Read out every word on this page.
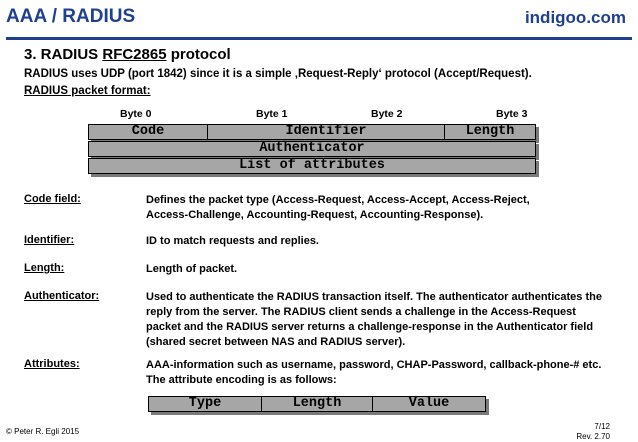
AAA / RADIUS	indigoo.com
3. RADIUS RFC2865 protocol
RADIUS uses UDP (port 1842) since it is a simple ‚Request-Reply‘ protocol (Accept/Request).
RADIUS packet format:
Byte 0	Byte 1	Byte 2	Byte 3
Code	Identifier	Length
Authenticator
List of attributes
Code field:	Defines the packet type (Access-Request, Access-Accept, Access-Reject,
Access-Challenge, Accounting-Request, Accounting-Response).
Identifier:	ID to match requests and replies.
Length:	Length of packet.
Authenticator:	Used to authenticate the RADIUS transaction itself. The authenticator authenticates the
reply from the server. The RADIUS client sends a challenge in the Access-Request
packet and the RADIUS server returns a challenge-response in the Authenticator field
(shared secret between NAS and RADIUS server).
Attributes:	AAA-information such as username, password, CHAP-Password, callback-phone-# etc.
The attribute encoding is as follows:
Type	Length	Value
© Peter R. Egli 2015
7/12
Rev. 2.70
